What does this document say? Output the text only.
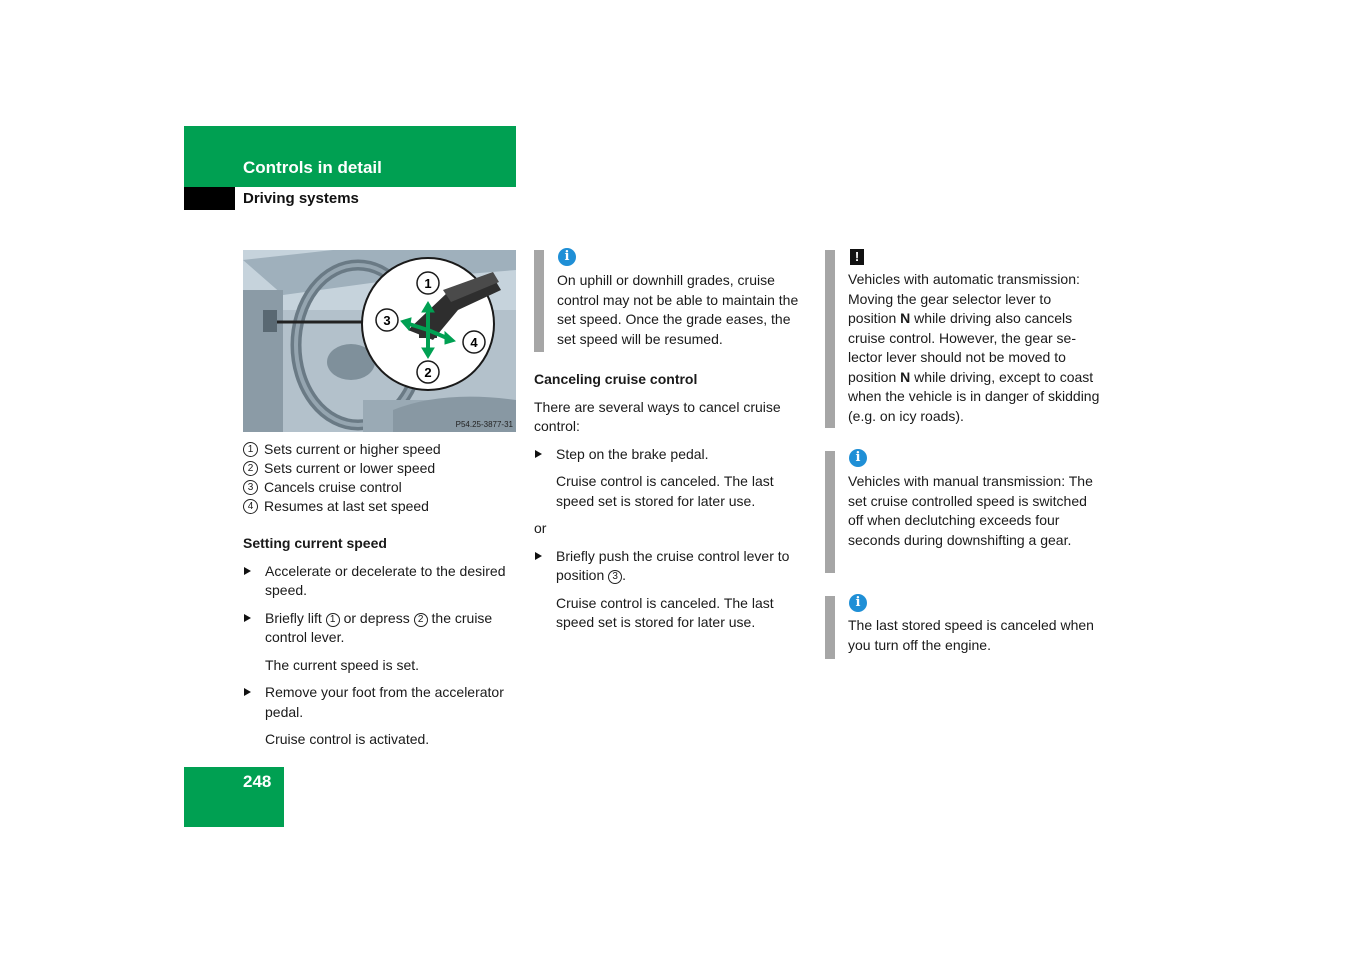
Controls in detail
Driving systems
1
3
4
2
P54.25-3877-31
1 Sets current or higher speed
2 Sets current or lower speed
3 Cancels cruise control
4 Resumes at last set speed

Setting current speed

Accelerate or decelerate to the desired speed.
Briefly lift 1 or depress 2 the cruise control lever.

The current speed is set.

Remove your foot from the accelerator pedal.

Cruise control is activated.

i

On uphill or downhill grades, cruise control may not be able to maintain the set speed. Once the grade eases, the set speed will be resumed.

Canceling cruise control

There are several ways to cancel cruise control:

Step on the brake pedal.

Cruise control is canceled. The last speed set is stored for later use.

or

Briefly push the cruise control lever to position 3 .

Cruise control is canceled. The last speed set is stored for later use.

!

Vehicles with automatic transmission: Moving the gear selector lever to position N while driving also cancels cruise control. However, the gear se-lector lever should not be moved to position N while driving, except to coast when the vehicle is in danger of skidding (e.g. on icy roads).

i

Vehicles with manual transmission: The set cruise controlled speed is switched off when declutching exceeds four seconds during downshifting a gear.

i

The last stored speed is canceled when you turn off the engine.

248
